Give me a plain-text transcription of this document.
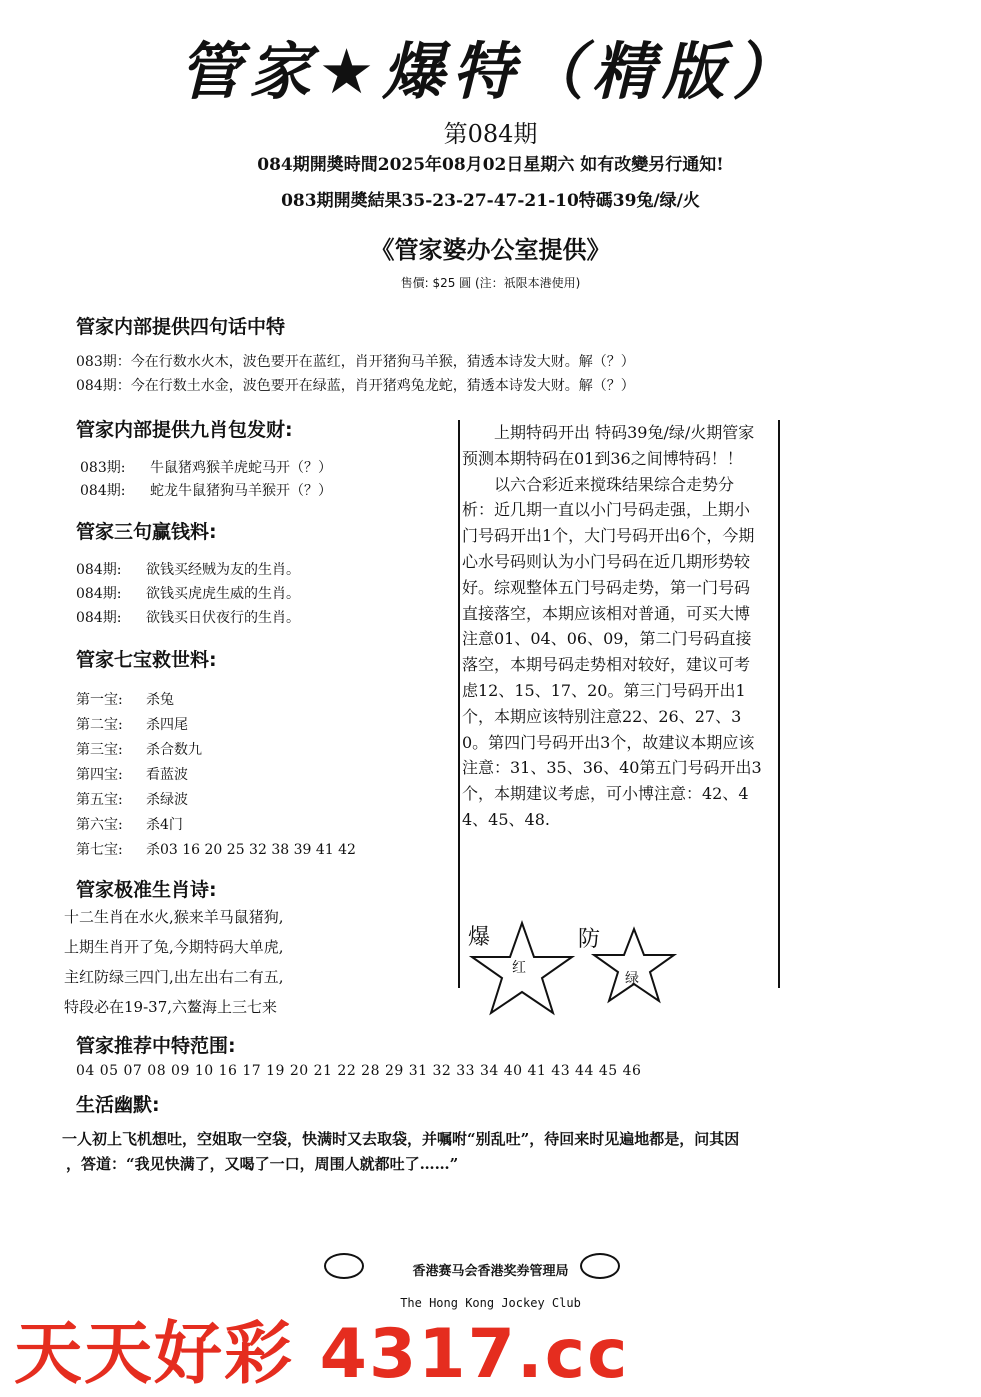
管家★爆特（精版）
第084期
084期開奬時間2025年08月02日星期六 如有改變另行通知!
083期開奬結果35-23-27-47-21-10特碼39兔/绿/火
《管家婆办公室提供》
售價: $25 圓 (注：祇限本港使用)
管家内部提供四句话中特
083期：今在行数水火木，波色要开在蓝红，肖开猪狗马羊猴，猜透本诗发大财。解（？）
084期：今在行数土水金，波色要开在绿蓝，肖开猪鸡兔龙蛇，猜透本诗发大财。解（？）
管家内部提供九肖包发财:
083期: 牛鼠猪鸡猴羊虎蛇马开（？）
084期: 蛇龙牛鼠猪狗马羊猴开（？）
管家三句赢钱料:
084期: 欲钱买经贼为友的生肖。
084期: 欲钱买虎虎生威的生肖。
084期: 欲钱买日伏夜行的生肖。
管家七宝救世料:
第一宝: 杀兔
第二宝: 杀四尾
第三宝: 杀合数九
第四宝: 看蓝波
第五宝: 杀绿波
第六宝: 杀4门
第七宝: 杀03 16 20 25 32 38 39 41 42
管家极准生肖诗:
十二生肖在水火,猴来羊马鼠猪狗,
上期生肖开了兔,今期特码大单虎,
主红防绿三四门,出左出右二有五,
特段必在19-37,六鳌海上三七来

上期特码开出 特码39兔/绿/火期管家预测本期特码在01到36之间博特码！！

以六合彩近来搅珠结果综合走势分析：近几期一直以小门号码走强，上期小门号码开出1个，大门号码开出6个，今期心水号码则认为小门号码在近几期形势较好。综观整体五门号码走势，第一门号码直接落空，本期应该相对普通，可买大博注意01、04、06、09，第二门号码直接落空，本期号码走势相对较好，建议可考虑12、15、17、20。第三门号码开出1个，本期应该特别注意22、26、27、30。第四门号码开出3个，故建议本期应该注意：31、35、36、40第五门号码开出3个，本期建议考虑，可小博注意：42、44、45、48.

爆
红
防
绿
管家推荐中特范围:
04 05 07 08 09 10 16 17 19 20 21 22 28 29 31 32 33 34 40 41 43 44 45 46
生活幽默:
一人初上飞机想吐，空姐取一空袋，快满时又去取袋，并嘱咐“别乱吐”，待回来时见遍地都是，问其因
，答道：“我见快满了，又喝了一口，周围人就都吐了……”
香港赛马会香港奖券管理局
The Hong Kong Jockey Club
天天好彩 4317.cc
